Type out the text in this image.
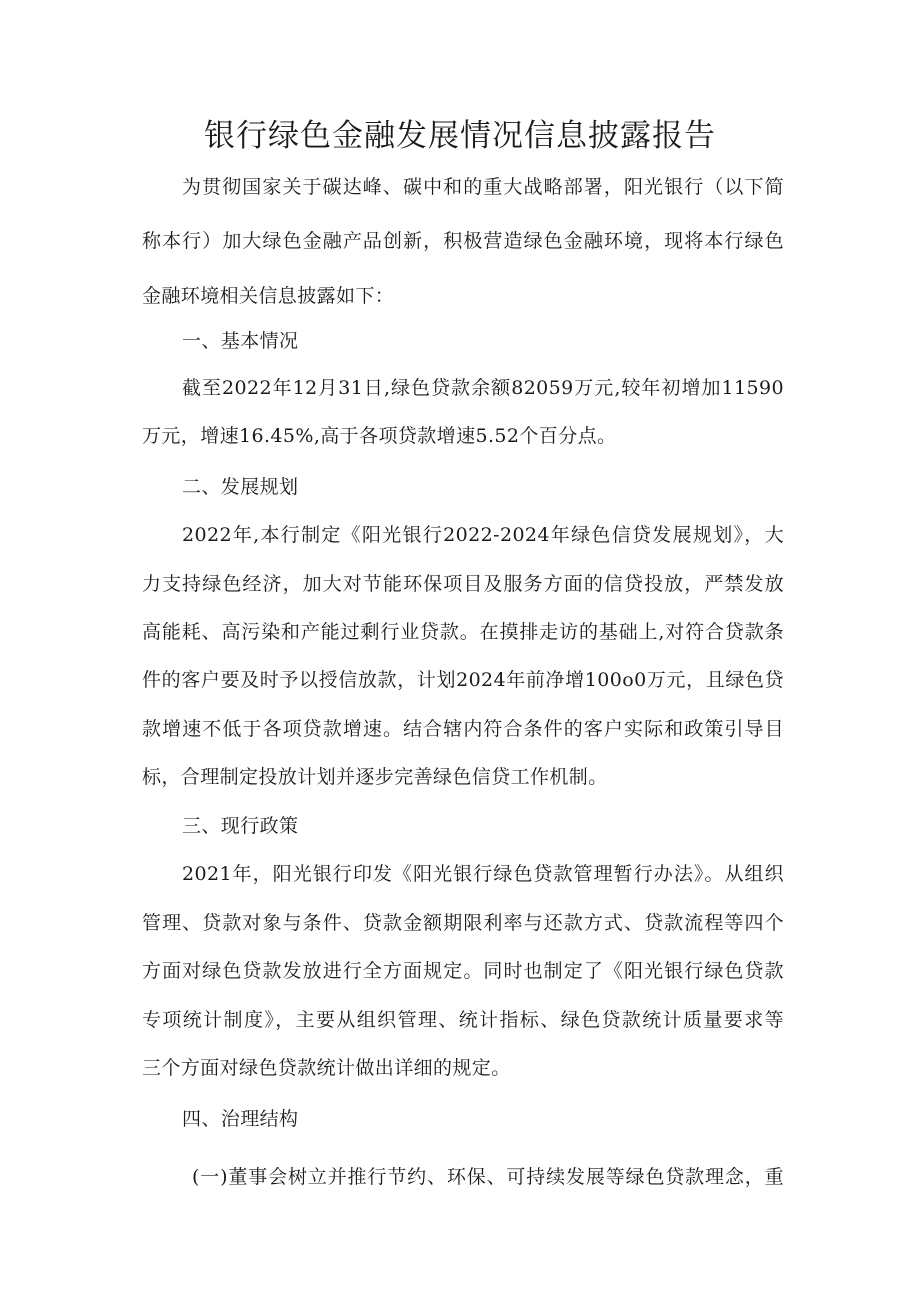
银行绿色金融发展情况信息披露报告
为贯彻国家关于碳达峰、碳中和的重大战略部署，阳光银行（以下简
称本行）加大绿色金融产品创新，积极营造绿色金融环境，现将本行绿色
金融环境相关信息披露如下：
一、基本情况
截至2022年12月31日,绿色贷款余额82059万元,较年初增加11590
万元，增速16.45%,高于各项贷款增速5.52个百分点。
二、发展规划
2022年,本行制定《阳光银行2022-2024年绿色信贷发展规划》，大
力支持绿色经济，加大对节能环保项目及服务方面的信贷投放，严禁发放
高能耗、高污染和产能过剩行业贷款。在摸排走访的基础上,对符合贷款条
件的客户要及时予以授信放款，计划2024年前净增100o0万元，且绿色贷
款增速不低于各项贷款增速。结合辖内符合条件的客户实际和政策引导目
标，合理制定投放计划并逐步完善绿色信贷工作机制。
三、现行政策
2021年，阳光银行印发《阳光银行绿色贷款管理暂行办法》。从组织
管理、贷款对象与条件、贷款金额期限利率与还款方式、贷款流程等四个
方面对绿色贷款发放进行全方面规定。同时也制定了《阳光银行绿色贷款
专项统计制度》，主要从组织管理、统计指标、绿色贷款统计质量要求等
三个方面对绿色贷款统计做出详细的规定。
四、治理结构
(一)董事会树立并推行节约、环保、可持续发展等绿色贷款理念，重
